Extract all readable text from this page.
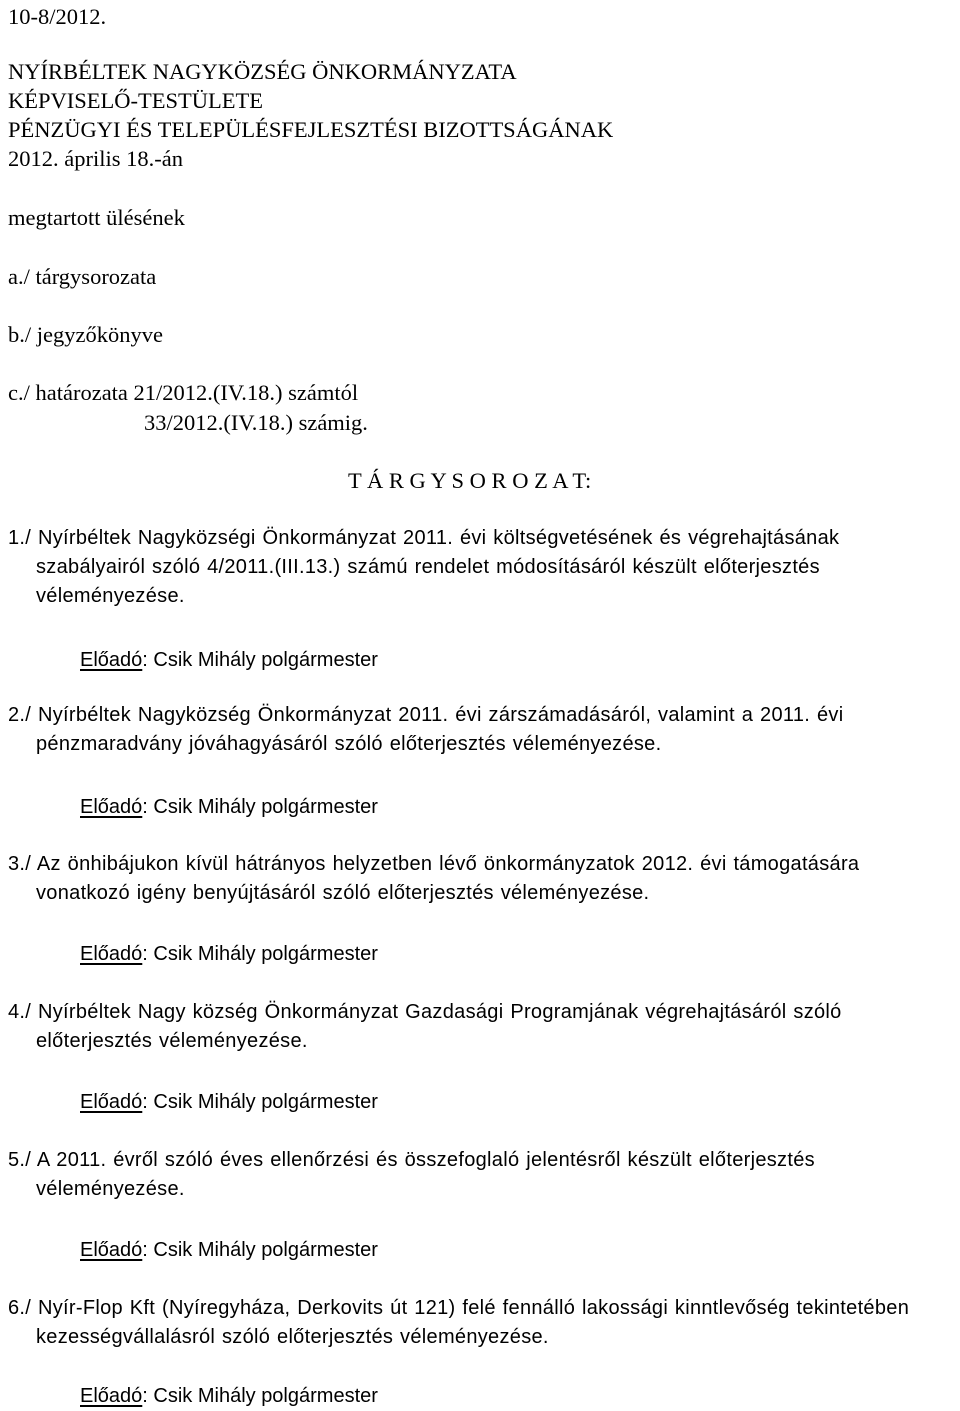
10-8/2012.
NYÍRBÉLTEK NAGYKÖZSÉG ÖNKORMÁNYZATA
KÉPVISELŐ-TESTÜLETE
PÉNZÜGYI ÉS TELEPÜLÉSFEJLESZTÉSI BIZOTTSÁGÁNAK
2012. április 18.-án
megtartott ülésének
a./ tárgysorozata
b./ jegyzőkönyve
c./ határozata 21/2012.(IV.18.) számtól
33/2012.(IV.18.) számig.
T Á R G Y S O R O Z A T:
1./ Nyírbéltek Nagyközségi Önkormányzat 2011. évi költségvetésének és végrehajtásának szabályairól szóló 4/2011.(III.13.) számú rendelet módosításáról készült előterjesztés véleményezése.
Előadó: Csik Mihály polgármester
2./ Nyírbéltek Nagyközség Önkormányzat 2011. évi zárszámadásáról, valamint a 2011. évi pénzmaradvány jóváhagyásáról szóló előterjesztés véleményezése.
Előadó: Csik Mihály polgármester
3./ Az önhibájukon kívül hátrányos helyzetben lévő önkormányzatok 2012. évi támogatására vonatkozó igény benyújtásáról szóló előterjesztés véleményezése.
Előadó: Csik Mihály polgármester
4./ Nyírbéltek Nagy község Önkormányzat Gazdasági Programjának végrehajtásáról szóló előterjesztés véleményezése.
Előadó: Csik Mihály polgármester
5./ A 2011. évről szóló éves ellenőrzési és összefoglaló jelentésről készült előterjesztés véleményezése.
Előadó: Csik Mihály polgármester
6./ Nyír-Flop Kft (Nyíregyháza, Derkovits út 121) felé fennálló lakossági kinntlevőség tekintetében kezességvállalásról szóló előterjesztés véleményezése.
Előadó: Csik Mihály polgármester
